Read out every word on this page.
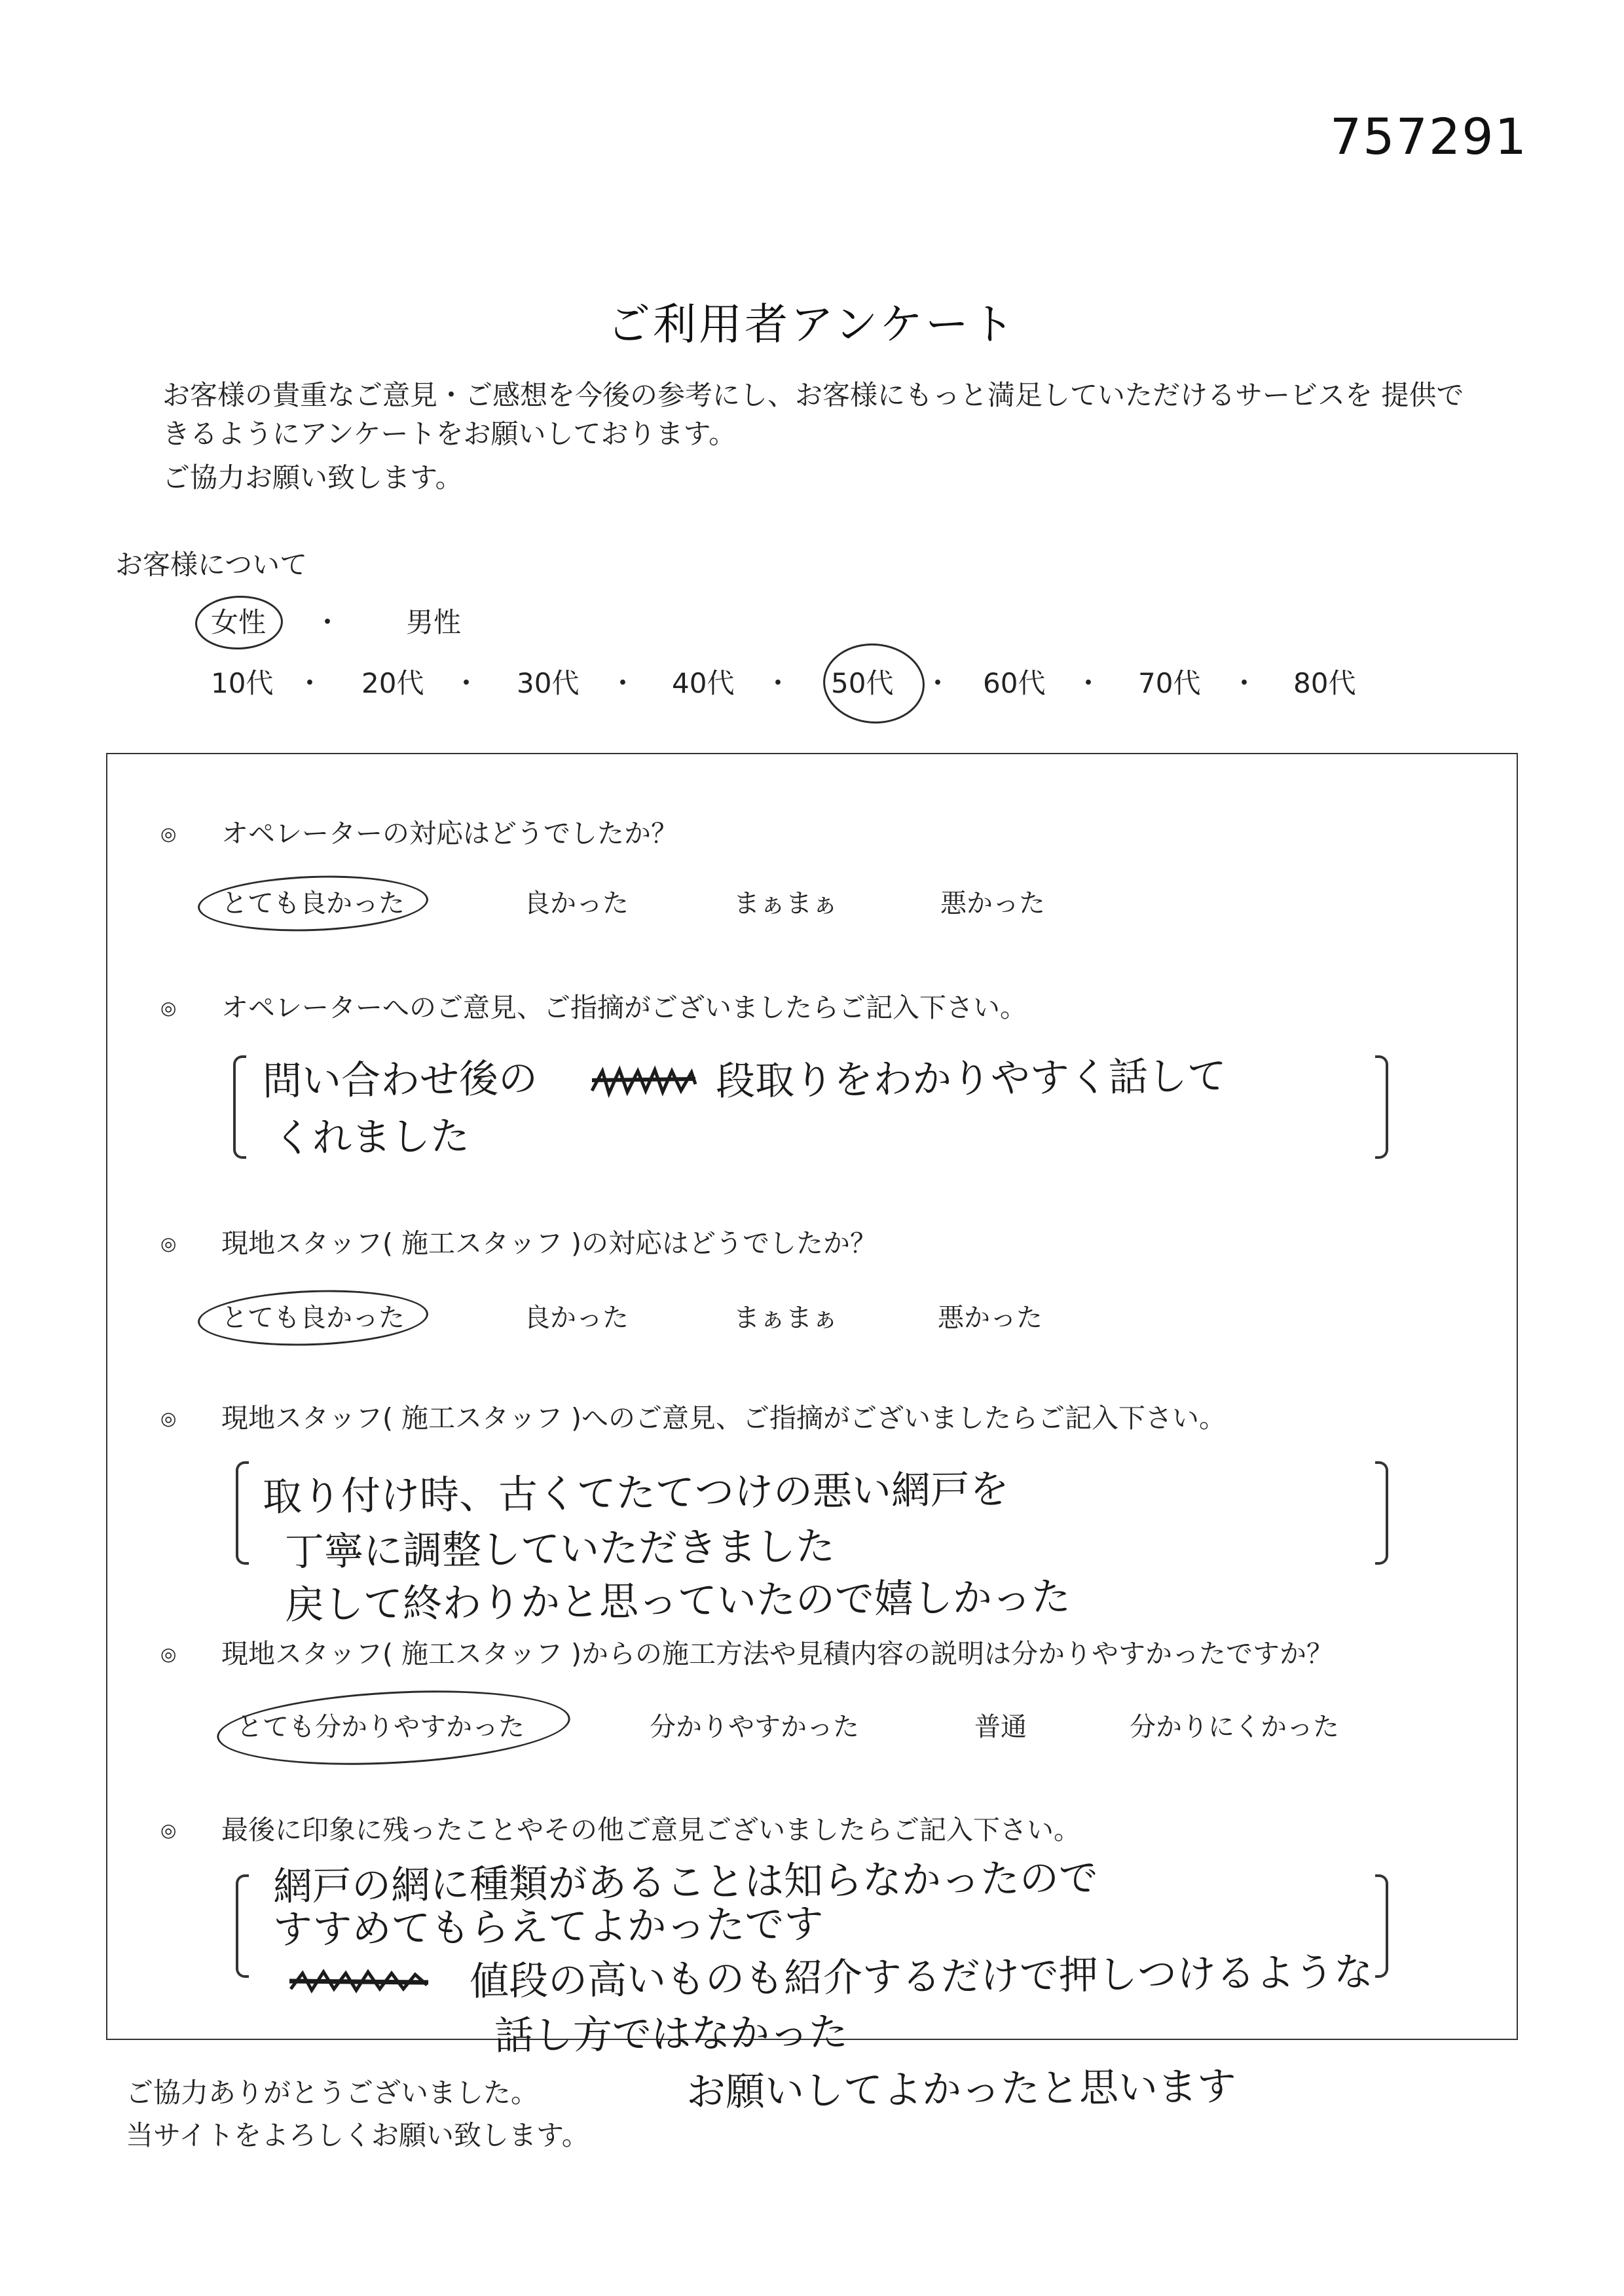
757291
ご利用者アンケート
お客様の貴重なご意見・ご感想を今後の参考にし、お客様にもっと満足していただけるサービスを 提供で
きるようにアンケートをお願いしております。
ご協力お願い致します。
お客様について
女性 ・ 男性
10代 ・ 20代 ・ 30代 ・ 40代 ・ 50代 ・ 60代 ・ 70代 ・ 80代
◎ オペレーターの対応はどうでしたか？
とても良かった	良かった	まぁまぁ	悪かった
◎ オペレーターへのご意見、ご指摘がございましたらご記入下さい。
問い合わせ後の	段取りをわかりやすく話して
くれました
◎ 現地スタッフ( 施工スタッフ )の対応はどうでしたか？
とても良かった	良かった	まぁまぁ	悪かった
◎ 現地スタッフ( 施工スタッフ )へのご意見、ご指摘がございましたらご記入下さい。
取り付け時、古くてたてつけの悪い網戸を
丁寧に調整していただきました
戻して終わりかと思っていたので嬉しかった
◎ 現地スタッフ( 施工スタッフ )からの施工方法や見積内容の説明は分かりやすかったですか？
とても分かりやすかった	分かりやすかった	普通	分かりにくかった
◎ 最後に印象に残ったことやその他ご意見ございましたらご記入下さい。
網戸の網に種類があることは知らなかったので
すすめてもらえてよかったです
値段の高いものも紹介するだけで押しつけるような
話し方ではなかった
お願いしてよかったと思います
ご協力ありがとうございました。
当サイトをよろしくお願い致します。
